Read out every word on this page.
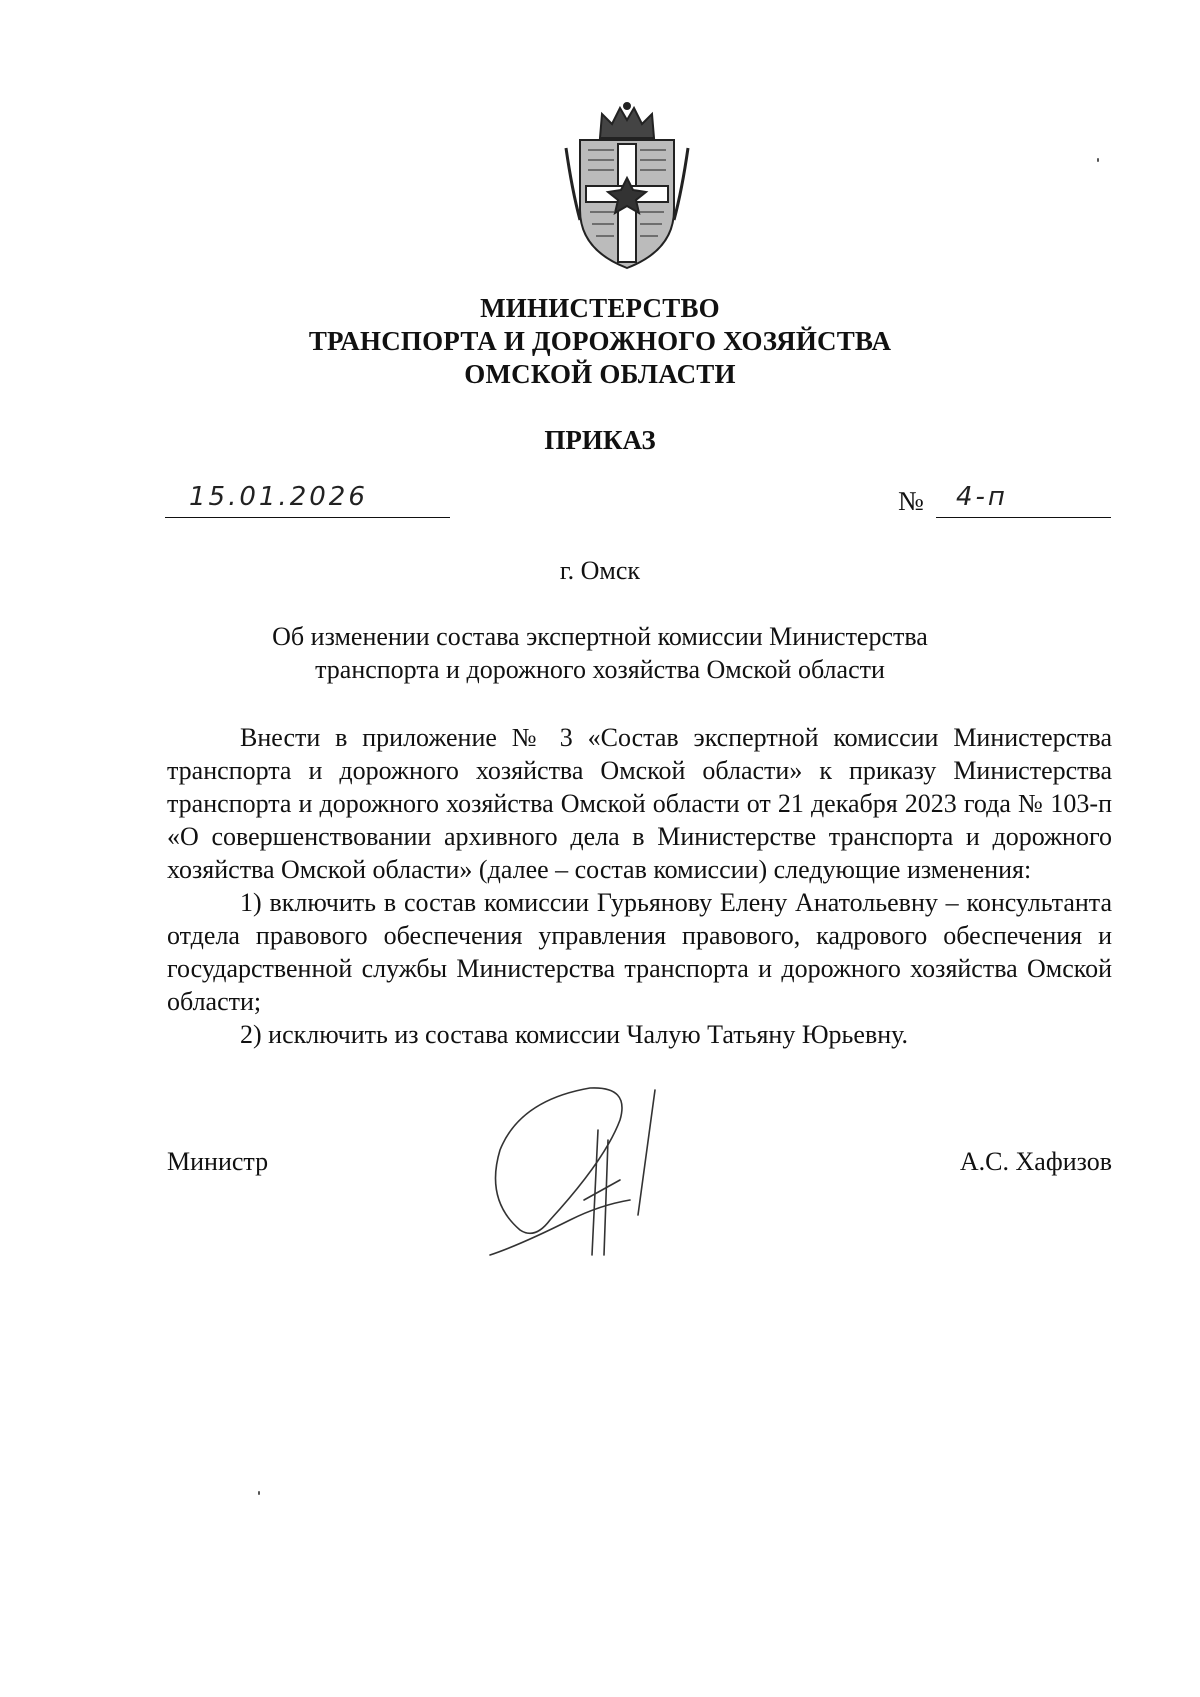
МИНИСТЕРСТВО
ТРАНСПОРТА И ДОРОЖНОГО ХОЗЯЙСТВА
ОМСКОЙ ОБЛАСТИ
ПРИКАЗ
15.01.2026	№ 4-п
г. Омск
Об изменении состава экспертной комиссии Министерства
транспорта и дорожного хозяйства Омской области

Внести в приложение № 3 «Состав экспертной комиссии Министерства транспорта и дорожного хозяйства Омской области» к приказу Министерства транспорта и дорожного хозяйства Омской области от 21 декабря 2023 года № 103-п «О совершенствовании архивного дела в Министерстве транспорта и дорожного хозяйства Омской области» (далее – состав комиссии) следующие изменения:

1) включить в состав комиссии Гурьянову Елену Анатольевну – консультанта отдела правового обеспечения управления правового, кадрового обеспечения и государственной службы Министерства транспорта и дорожного хозяйства Омской области;

2) исключить из состава комиссии Чалую Татьяну Юрьевну.

Министр	А.С. Хафизов
